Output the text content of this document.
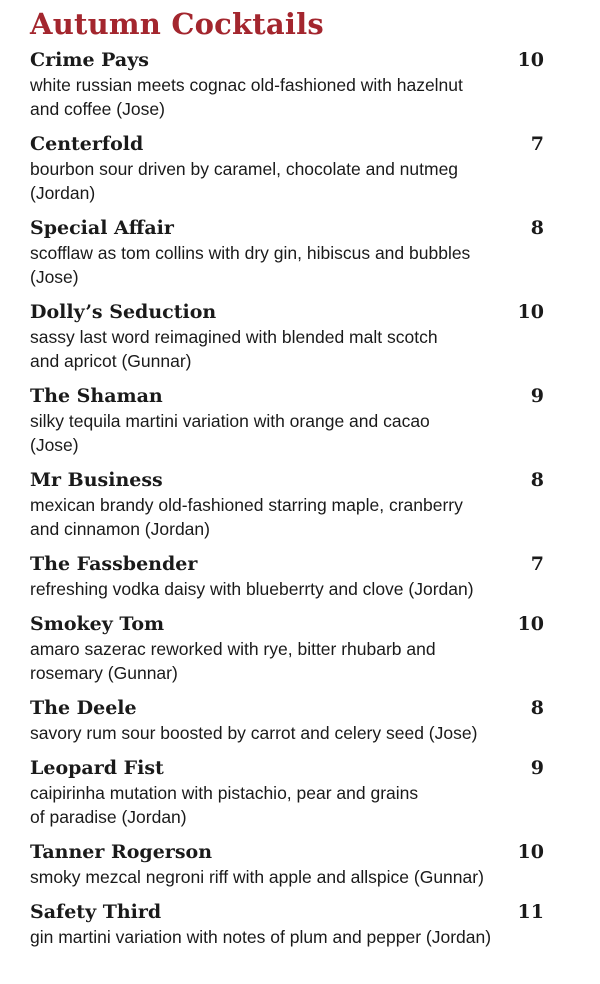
Autumn Cocktails
Crime Pays	10
white russian meets cognac old-fashioned with hazelnut
and coffee (Jose)
Centerfold	7
bourbon sour driven by caramel, chocolate and nutmeg
(Jordan)
Special Affair	8
scofflaw as tom collins with dry gin, hibiscus and bubbles
(Jose)
Dolly’s Seduction	10
sassy last word reimagined with blended malt scotch
and apricot (Gunnar)
The Shaman	9
silky tequila martini variation with orange and cacao
(Jose)
Mr Business	8
mexican brandy old-fashioned starring maple, cranberry
and cinnamon (Jordan)
The Fassbender	7
refreshing vodka daisy with blueberrty and clove (Jordan)
Smokey Tom	10
amaro sazerac reworked with rye, bitter rhubarb and
rosemary (Gunnar)
The Deele	8
savory rum sour boosted by carrot and celery seed (Jose)
Leopard Fist	9
caipirinha mutation with pistachio, pear and grains
of paradise (Jordan)
Tanner Rogerson	10
smoky mezcal negroni riff with apple and allspice (Gunnar)
Safety Third	11
gin martini variation with notes of plum and pepper (Jordan)
